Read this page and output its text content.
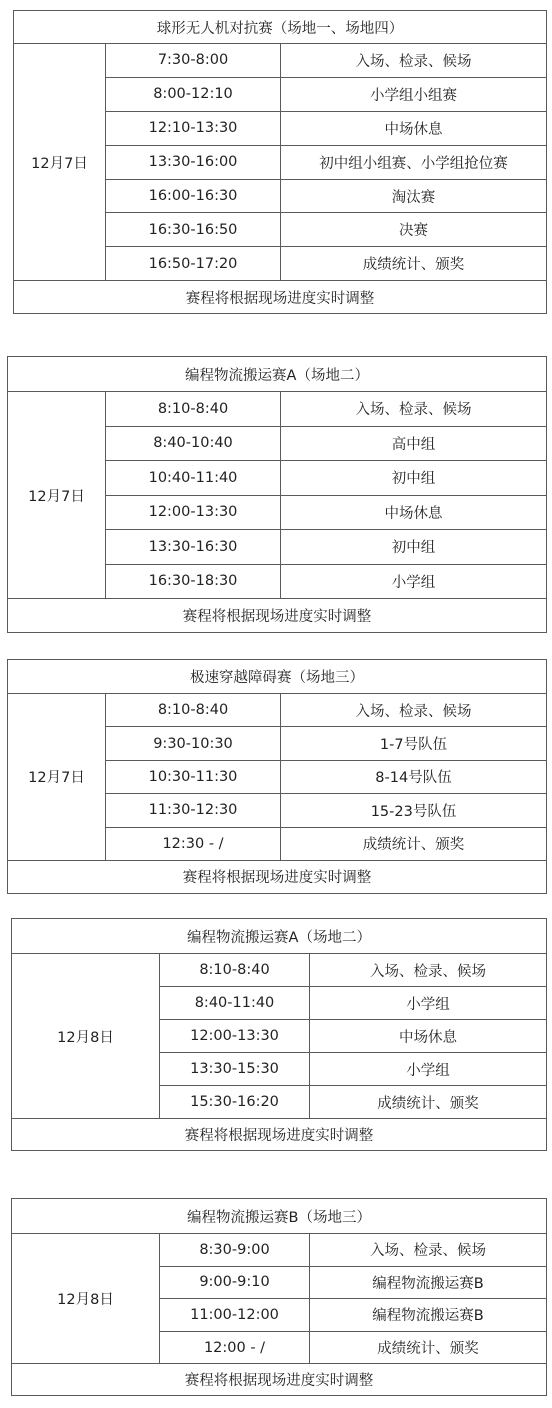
球形无人机对抗赛（场地一、场地四）		
12月7日	7:30-8:00	入场、检录、候场
	8:00-12:10	小学组小组赛
	12:10-13:30	中场休息
	13:30-16:00	初中组小组赛、小学组抢位赛
	16:00-16:30	淘汰赛
	16:30-16:50	决赛
	16:50-17:20	成绩统计、颁奖
赛程将根据现场进度实时调整		
编程物流搬运赛A（场地二）		
12月7日	8:10-8:40	入场、检录、候场
	8:40-10:40	高中组
	10:40-11:40	初中组
	12:00-13:30	中场休息
	13:30-16:30	初中组
	16:30-18:30	小学组
赛程将根据现场进度实时调整		
极速穿越障碍赛（场地三）		
12月7日	8:10-8:40	入场、检录、候场
	9:30-10:30	1-7号队伍
	10:30-11:30	8-14号队伍
	11:30-12:30	15-23号队伍
	12:30 - /	成绩统计、颁奖
赛程将根据现场进度实时调整		
编程物流搬运赛A（场地二）		
12月8日	8:10-8:40	入场、检录、候场
	8:40-11:40	小学组
	12:00-13:30	中场休息
	13:30-15:30	小学组
	15:30-16:20	成绩统计、颁奖
赛程将根据现场进度实时调整		
编程物流搬运赛B（场地三）		
12月8日	8:30-9:00	入场、检录、候场
	9:00-9:10	编程物流搬运赛B
	11:00-12:00	编程物流搬运赛B
	12:00 - /	成绩统计、颁奖
赛程将根据现场进度实时调整		
